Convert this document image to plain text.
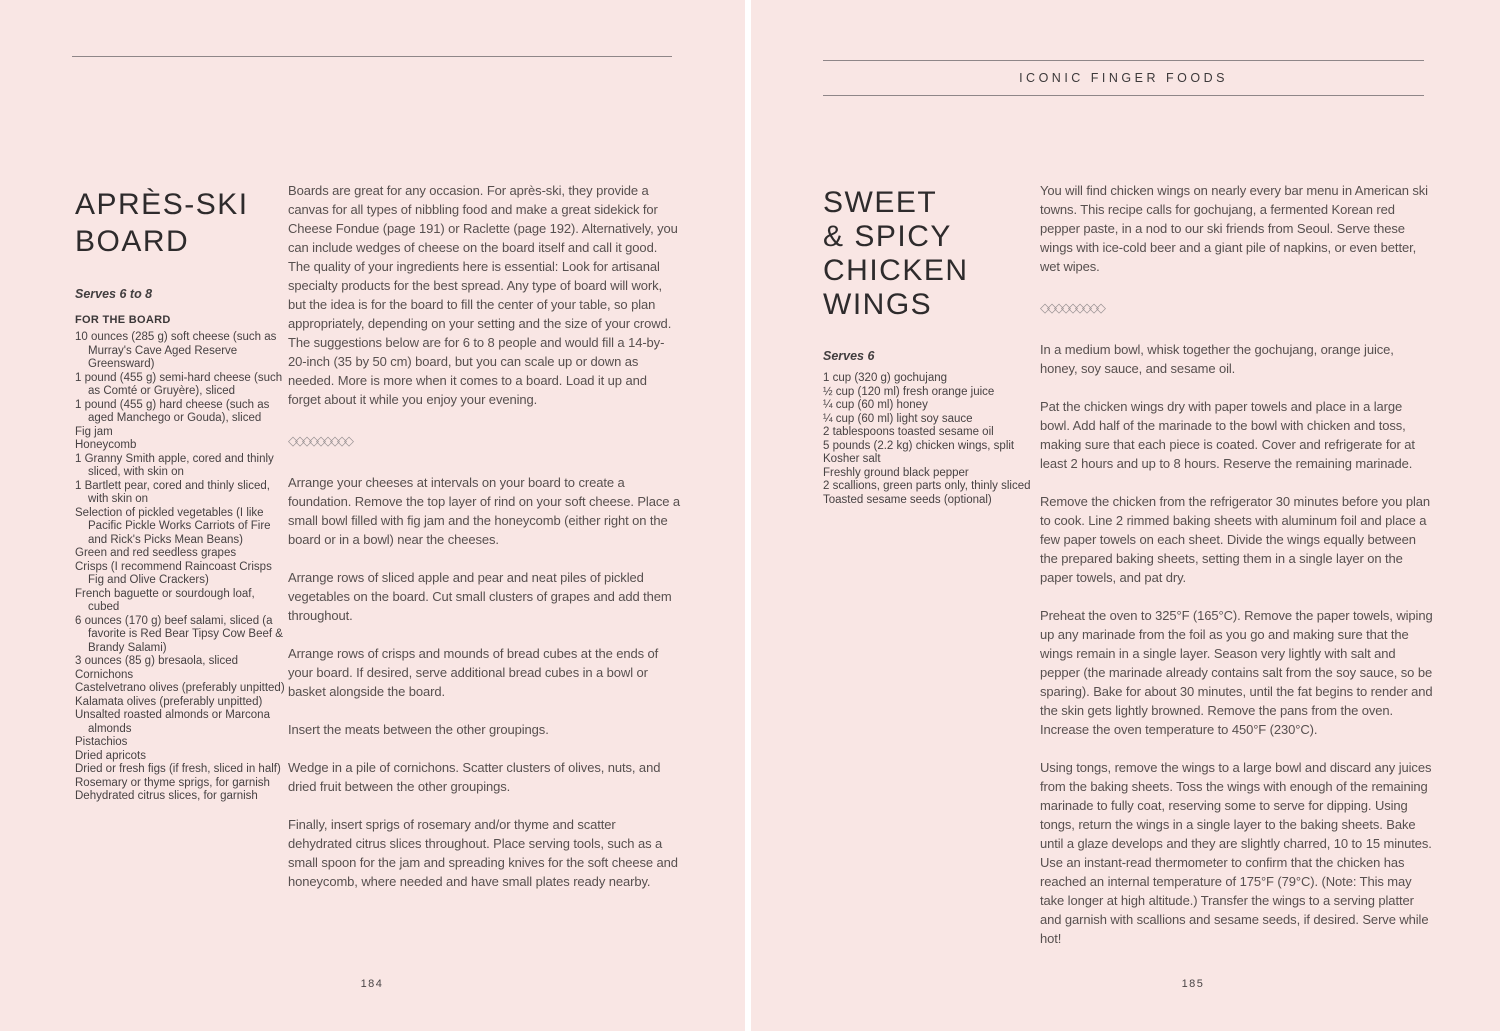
APRÈS-SKI
BOARD
Serves 6 to 8
FOR THE BOARD
10 ounces (285 g) soft cheese (such as Murray's Cave Aged Reserve Greensward)
1 pound (455 g) semi-hard cheese (such as Comté or Gruyère), sliced
1 pound (455 g) hard cheese (such as aged Manchego or Gouda), sliced
Fig jam
Honeycomb
1 Granny Smith apple, cored and thinly sliced, with skin on
1 Bartlett pear, cored and thinly sliced, with skin on
Selection of pickled vegetables (I like Pacific Pickle Works Carriots of Fire and Rick's Picks Mean Beans)
Green and red seedless grapes
Crisps (I recommend Raincoast Crisps Fig and Olive Crackers)
French baguette or sourdough loaf, cubed
6 ounces (170 g) beef salami, sliced (a favorite is Red Bear Tipsy Cow Beef & Brandy Salami)
3 ounces (85 g) bresaola, sliced
Cornichons
Castelvetrano olives (preferably unpitted)
Kalamata olives (preferably unpitted)
Unsalted roasted almonds or Marcona almonds
Pistachios
Dried apricots
Dried or fresh figs (if fresh, sliced in half)
Rosemary or thyme sprigs, for garnish
Dehydrated citrus slices, for garnish

Boards are great for any occasion. For après-ski, they provide a canvas for all types of nibbling food and make a great sidekick for Cheese Fondue (page 191) or Raclette (page 192). Alternatively, you can include wedges of cheese on the board itself and call it good. The quality of your ingredients here is essential: Look for artisanal specialty products for the best spread. Any type of board will work, but the idea is for the board to fill the center of your table, so plan appropriately, depending on your setting and the size of your crowd. The suggestions below are for 6 to 8 people and would fill a 14-by-20-inch (35 by 50 cm) board, but you can scale up or down as needed. More is more when it comes to a board. Load it up and forget about it while you enjoy your evening.

◇◇◇◇◇◇◇◇◇

Arrange your cheeses at intervals on your board to create a foundation. Remove the top layer of rind on your soft cheese. Place a small bowl filled with fig jam and the honeycomb (either right on the board or in a bowl) near the cheeses.

Arrange rows of sliced apple and pear and neat piles of pickled vegetables on the board. Cut small clusters of grapes and add them throughout.

Arrange rows of crisps and mounds of bread cubes at the ends of your board. If desired, serve additional bread cubes in a bowl or basket alongside the board.

Insert the meats between the other groupings.

Wedge in a pile of cornichons. Scatter clusters of olives, nuts, and dried fruit between the other groupings.

Finally, insert sprigs of rosemary and/or thyme and scatter dehydrated citrus slices throughout. Place serving tools, such as a small spoon for the jam and spreading knives for the soft cheese and honeycomb, where needed and have small plates ready nearby.

184
ICONIC FINGER FOODS
SWEET
& SPICY
CHICKEN
WINGS
Serves 6
1 cup (320 g) gochujang
½ cup (120 ml) fresh orange juice
¼ cup (60 ml) honey
¼ cup (60 ml) light soy sauce
2 tablespoons toasted sesame oil
5 pounds (2.2 kg) chicken wings, split
Kosher salt
Freshly ground black pepper
2 scallions, green parts only, thinly sliced
Toasted sesame seeds (optional)

You will find chicken wings on nearly every bar menu in American ski towns. This recipe calls for gochujang, a fermented Korean red pepper paste, in a nod to our ski friends from Seoul. Serve these wings with ice-cold beer and a giant pile of napkins, or even better, wet wipes.

◇◇◇◇◇◇◇◇◇

In a medium bowl, whisk together the gochujang, orange juice, honey, soy sauce, and sesame oil.

Pat the chicken wings dry with paper towels and place in a large bowl. Add half of the marinade to the bowl with chicken and toss, making sure that each piece is coated. Cover and refrigerate for at least 2 hours and up to 8 hours. Reserve the remaining marinade.

Remove the chicken from the refrigerator 30 minutes before you plan to cook. Line 2 rimmed baking sheets with aluminum foil and place a few paper towels on each sheet. Divide the wings equally between the prepared baking sheets, setting them in a single layer on the paper towels, and pat dry.

Preheat the oven to 325°F (165°C). Remove the paper towels, wiping up any marinade from the foil as you go and making sure that the wings remain in a single layer. Season very lightly with salt and pepper (the marinade already contains salt from the soy sauce, so be sparing). Bake for about 30 minutes, until the fat begins to render and the skin gets lightly browned. Remove the pans from the oven. Increase the oven temperature to 450°F (230°C).

Using tongs, remove the wings to a large bowl and discard any juices from the baking sheets. Toss the wings with enough of the remaining marinade to fully coat, reserving some to serve for dipping. Using tongs, return the wings in a single layer to the baking sheets. Bake until a glaze develops and they are slightly charred, 10 to 15 minutes. Use an instant-read thermometer to confirm that the chicken has reached an internal temperature of 175°F (79°C). (Note: This may take longer at high altitude.) Transfer the wings to a serving platter and garnish with scallions and sesame seeds, if desired. Serve while hot!

185
